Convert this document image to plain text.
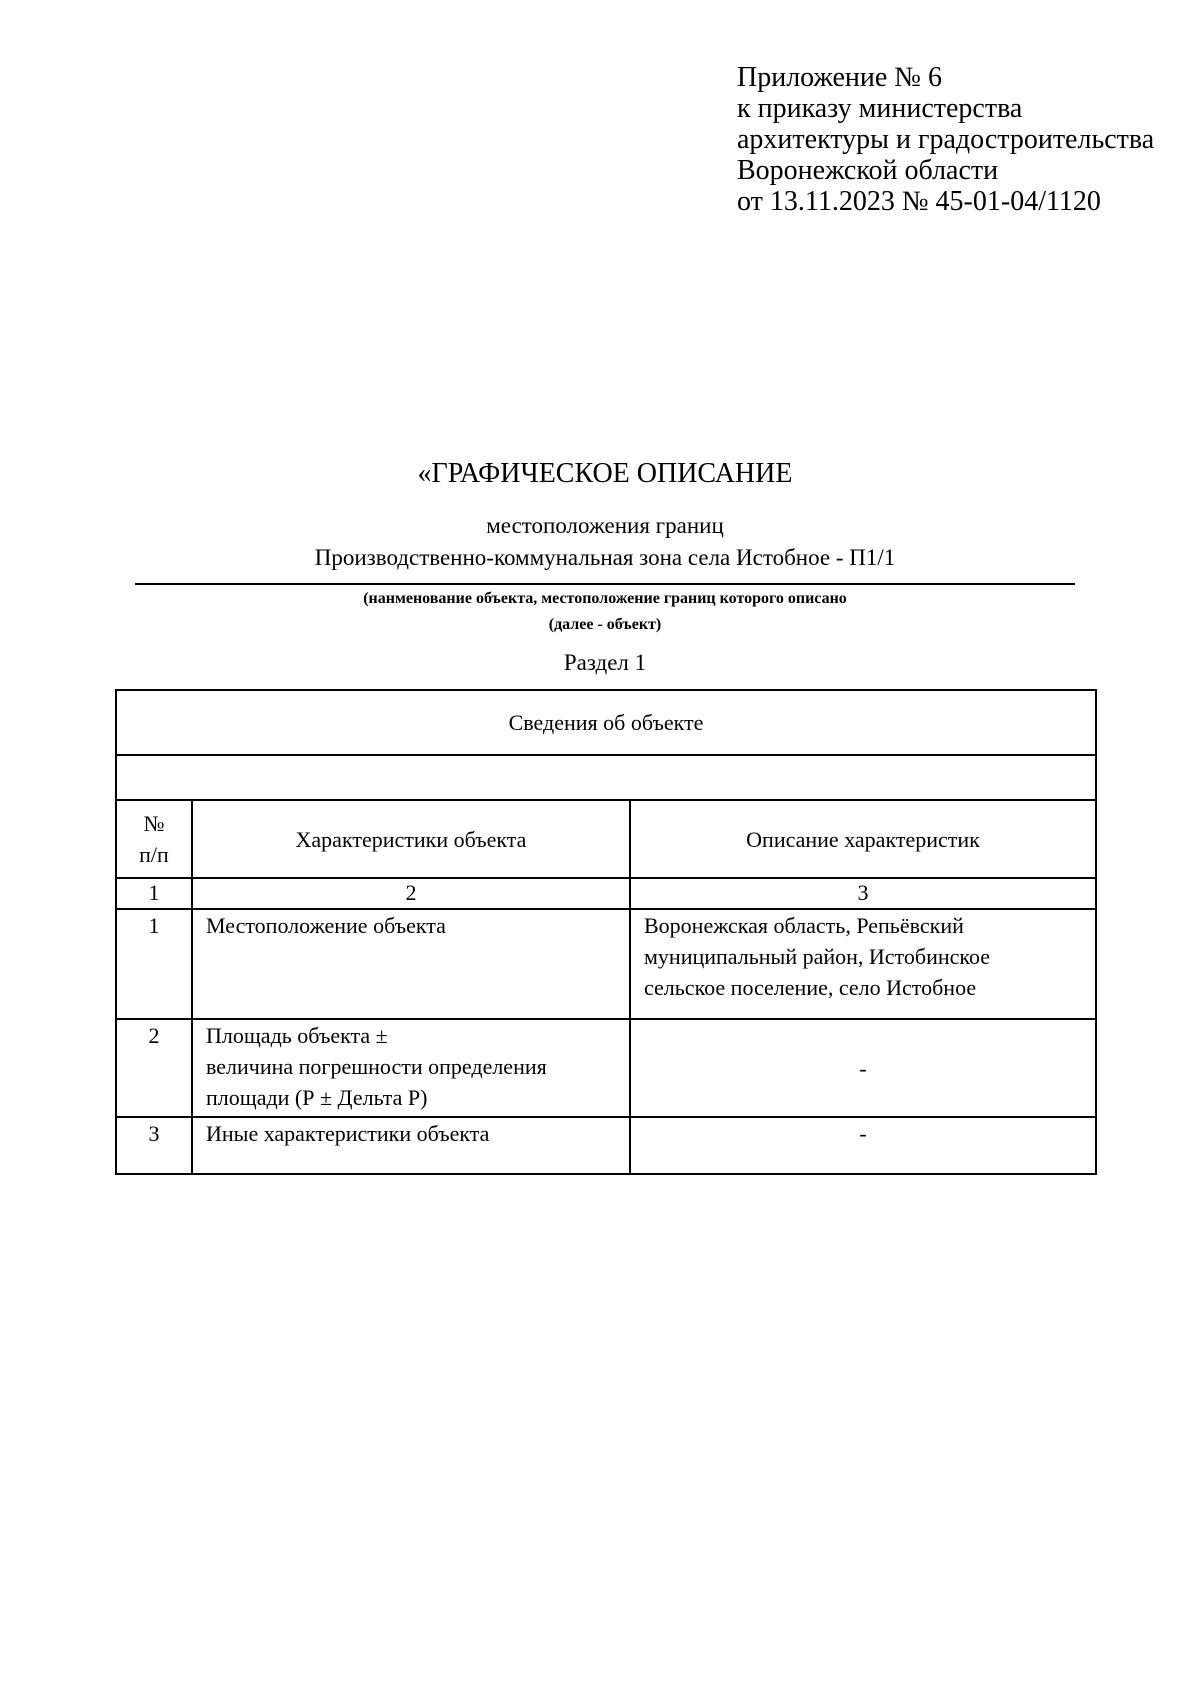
Приложение № 6
к приказу министерства
архитектуры и градостроительства
Воронежской области
от 13.11.2023 № 45-01-04/1120
«ГРАФИЧЕСКОЕ ОПИСАНИЕ
местоположения границ
Производственно-коммунальная зона села Истобное - П1/1
(нанменование объекта, местоположение границ которого описано
(далее - объект)
Раздел 1
Сведения об объекте		

№
п/п	Характеристики объекта	Описание характеристик
1	2	3
1	Местоположение объекта	Воронежская область, Репьёвский
муниципальный район, Истобинское
сельское поселение, село Истобное

2	Площадь объекта ±
величина погрешности определения
площади (Р ± Дельта Р)	-
3	Иные характеристики объекта	-
